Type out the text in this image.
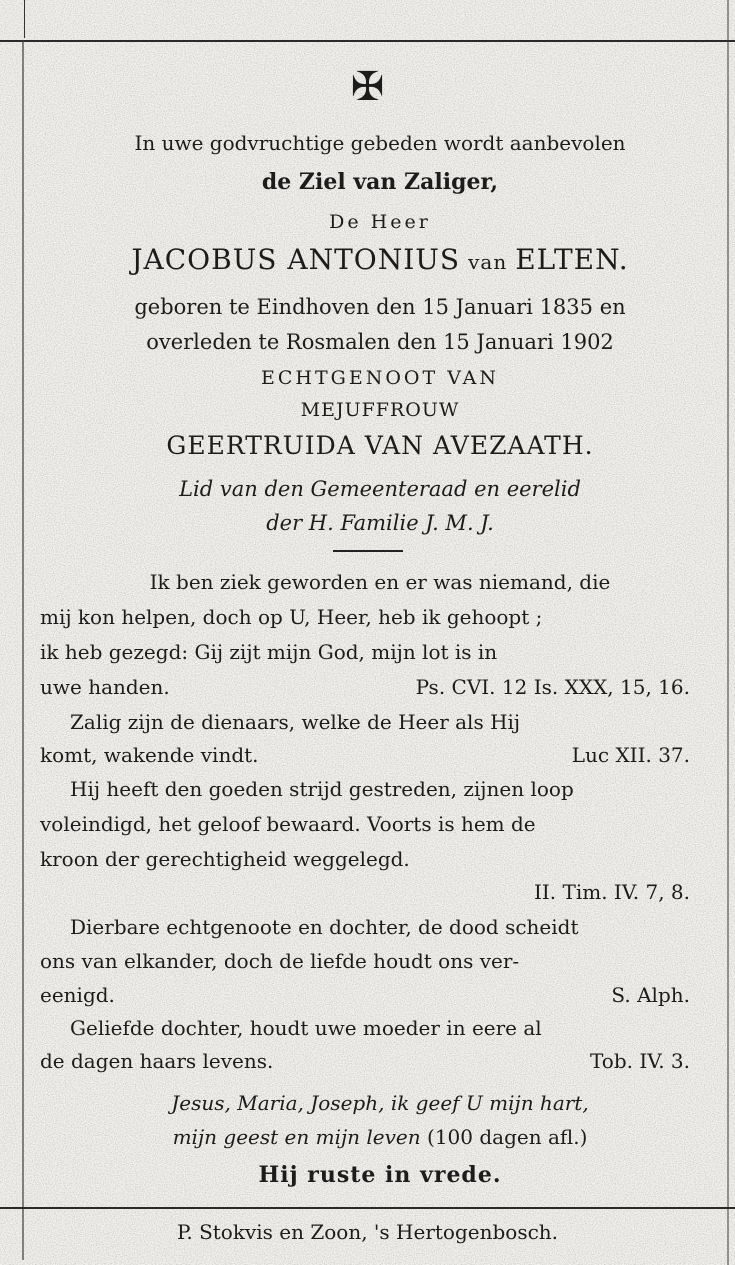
✠
In uwe godvruchtige gebeden wordt aanbevolen
de Ziel van Zaliger,
De Heer
JACOBUS ANTONIUS van ELTEN.
geboren te Eindhoven den 15 Januari 1835 en
overleden te Rosmalen den 15 Januari 1902
ECHTGENOOT VAN
MEJUFFROUW
GEERTRUIDA VAN AVEZAATH.
Lid van den Gemeenteraad en eerelid
der H. Familie J. M. J.
Ik ben ziek geworden en er was niemand, die
mij kon helpen, doch op U, Heer, heb ik gehoopt ;
ik heb gezegd: Gij zijt mijn God, mijn lot is in
uwe handen.	Ps. CVI. 12 Is. XXX, 15, 16.
Zalig zijn de dienaars, welke de Heer als Hij
komt, wakende vindt.	Luc XII. 37.
Hij heeft den goeden strijd gestreden, zijnen loop
voleindigd, het geloof bewaard. Voorts is hem de
kroon der gerechtigheid weggelegd.
II. Tim. IV. 7, 8.
Dierbare echtgenoote en dochter, de dood scheidt
ons van elkander, doch de liefde houdt ons ver-
eenigd.	S. Alph.
Geliefde dochter, houdt uwe moeder in eere al
de dagen haars levens.	Tob. IV. 3.
Jesus, Maria, Joseph, ik geef U mijn hart,
mijn geest en mijn leven (100 dagen afl.)
Hij ruste in vrede.
P. Stokvis en Zoon, 's Hertogenbosch.
